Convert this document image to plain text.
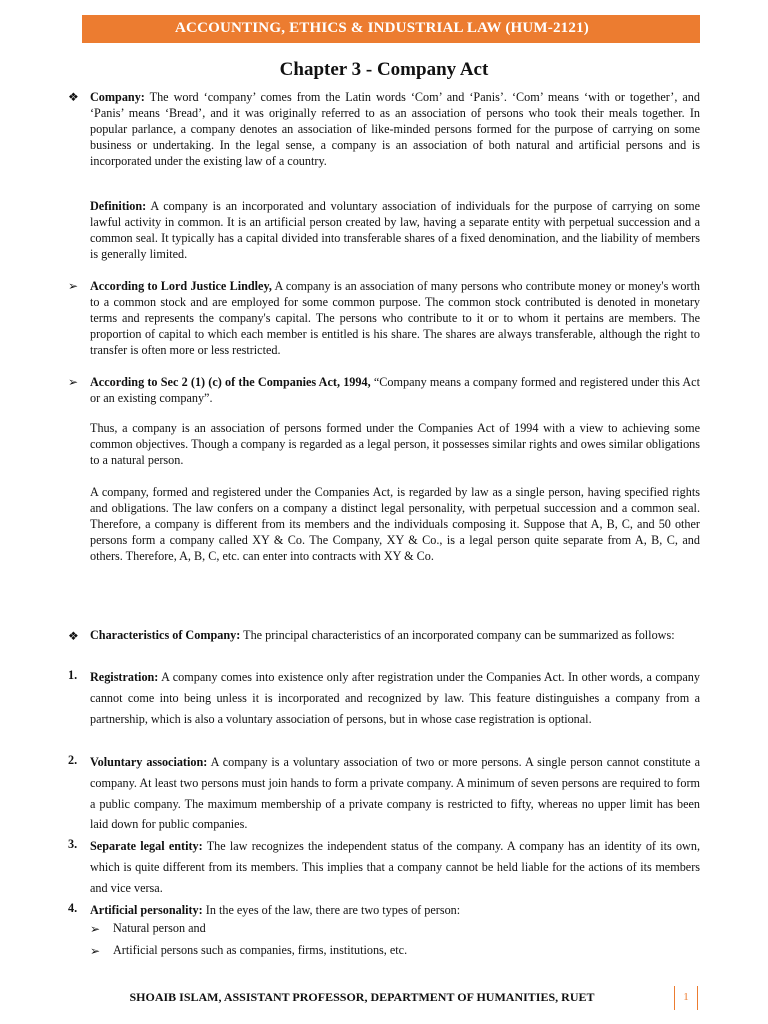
ACCOUNTING, ETHICS & INDUSTRIAL LAW (HUM-2121)
Chapter 3 - Company Act
❖ Company: The word ‘company’ comes from the Latin words ‘Com’ and ‘Panis’. ‘Com’ means ‘with or together’, and ‘Panis’ means ‘Bread’, and it was originally referred to as an association of persons who took their meals together. In popular parlance, a company denotes an association of like-minded persons formed for the purpose of carrying on some business or undertaking. In the legal sense, a company is an association of both natural and artificial persons and is incorporated under the existing law of a country.
Definition: A company is an incorporated and voluntary association of individuals for the purpose of carrying on some lawful activity in common. It is an artificial person created by law, having a separate entity with perpetual succession and a common seal. It typically has a capital divided into transferable shares of a fixed denomination, and the liability of members is generally limited.
➢ According to Lord Justice Lindley, A company is an association of many persons who contribute money or money's worth to a common stock and are employed for some common purpose. The common stock contributed is denoted in monetary terms and represents the company's capital. The persons who contribute to it or to whom it pertains are members. The proportion of capital to which each member is entitled is his share. The shares are always transferable, although the right to transfer is often more or less restricted.
➢ According to Sec 2 (1) (c) of the Companies Act, 1994, “Company means a company formed and registered under this Act or an existing company”.
Thus, a company is an association of persons formed under the Companies Act of 1994 with a view to achieving some common objectives. Though a company is regarded as a legal person, it possesses similar rights and owes similar obligations to a natural person.
A company, formed and registered under the Companies Act, is regarded by law as a single person, having specified rights and obligations. The law confers on a company a distinct legal personality, with perpetual succession and a common seal. Therefore, a company is different from its members and the individuals composing it. Suppose that A, B, C, and 50 other persons form a company called XY & Co. The Company, XY & Co., is a legal person quite separate from A, B, C, and others. Therefore, A, B, C, etc. can enter into contracts with XY & Co.
❖ Characteristics of Company: The principal characteristics of an incorporated company can be summarized as follows:
1. Registration: A company comes into existence only after registration under the Companies Act. In other words, a company cannot come into being unless it is incorporated and recognized by law. This feature distinguishes a company from a partnership, which is also a voluntary association of persons, but in whose case registration is optional.
2. Voluntary association: A company is a voluntary association of two or more persons. A single person cannot constitute a company. At least two persons must join hands to form a private company. A minimum of seven persons are required to form a public company. The maximum membership of a private company is restricted to fifty, whereas no upper limit has been laid down for public companies.
3. Separate legal entity: The law recognizes the independent status of the company. A company has an identity of its own, which is quite different from its members. This implies that a company cannot be held liable for the actions of its members and vice versa.
4. Artificial personality: In the eyes of the law, there are two types of person:
➢ Natural person and
➢ Artificial persons such as companies, firms, institutions, etc.
SHOAIB ISLAM, ASSISTANT PROFESSOR, DEPARTMENT OF HUMANITIES, RUET	1
